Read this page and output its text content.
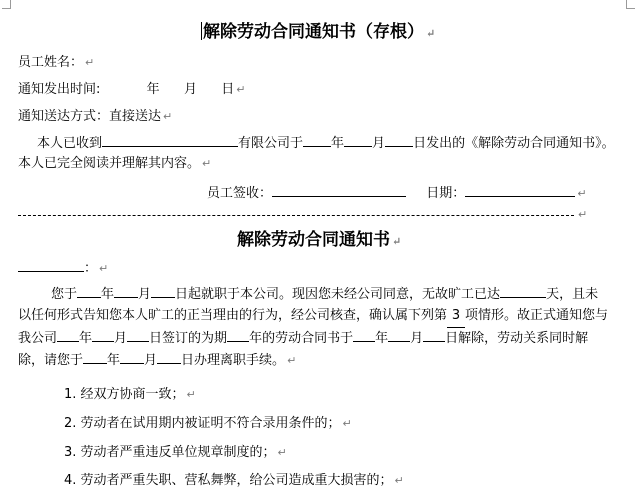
解除劳动合同通知书（存根） ↵
员工姓名： ↵
通知发出时间:	年 月 日 ↵
通知送达方式：直接送达 ↵
本人已收到	有限公司于 年 月 日发出的《解除劳动合同通知书》。
本人已完全阅读并理解其内容。 ↵
员工签收：	日期：	↵
↵
解除劳动合同通知书 ↵
： ↵
您于 年 月 日起就职于本公司。现因您未经公司同意，无故旷工已达	天，且未
以任何形式告知您本人旷工的正当理由的行为，经公司核查，确认属下列第 3 项情形。故正式通知您与
我公司 年 月 日签订的为期 年的劳动合同书于 年 月 日解除，劳动关系同时解
除，请您于 年 月 日办理离职手续。 ↵
1. 经双方协商一致； ↵
2. 劳动者在试用期内被证明不符合录用条件的； ↵
3. 劳动者严重违反单位规章制度的； ↵
4. 劳动者严重失职、营私舞弊，给公司造成重大损害的； ↵
